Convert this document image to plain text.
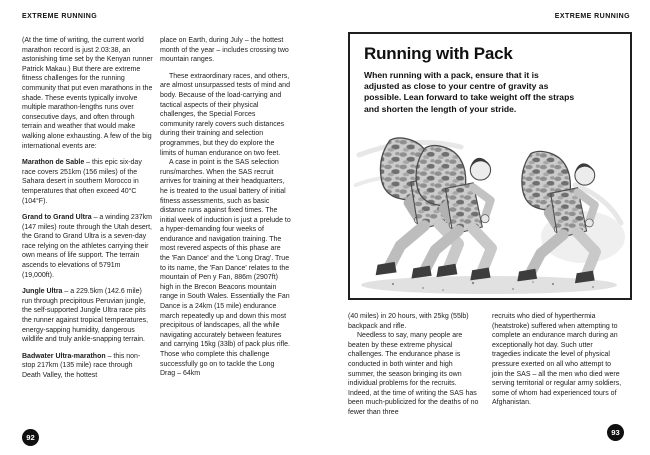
EXTREME RUNNING	EXTREME RUNNING

(At the time of writing, the current world marathon record is just 2.03:38, an astonishing time set by the Kenyan runner Patrick Makau.) But there are extreme fitness challenges for the running community that put even marathons in the shade. These events typically involve multiple marathon-lengths runs over consecutive days, and often through terrain and weather that would make walking alone exhausting. A few of the big international events are:

Marathon de Sable – this epic six-day race covers 251km (156 miles) of the Sahara desert in southern Morocco in temperatures that often exceed 40°C (104°F).

Grand to Grand Ultra – a winding 237km (147 miles) route through the Utah desert, the Grand to Grand Ultra is a seven-day race relying on the athletes carrying their own means of life support. The terrain ascends to elevations of 5791m (19,000ft).

Jungle Ultra – a 229.5km (142.6 mile) run through precipitous Peruvian jungle, the self-supported Jungle Ultra race pits the runner against tropical temperatures, energy-sapping humidity, dangerous wildlife and truly ankle-snapping terrain.

Badwater Ultra-marathon – this non-stop 217km (135 mile) race through Death Valley, the hottest

place on Earth, during July – the hottest month of the year – includes crossing two mountain ranges.

These extraordinary races, and others, are almost unsurpassed tests of mind and body. Because of the load-carrying and tactical aspects of their physical challenges, the Special Forces community rarely covers such distances during their training and selection programmes, but they do explore the limits of human endurance on two feet.

A case in point is the SAS selection runs/marches. When the SAS recruit arrives for training at their headquarters, he is treated to the usual battery of initial fitness assessments, such as basic distance runs against fixed times. The initial week of induction is just a prelude to a hyper-demanding four weeks of endurance and navigation training. The most revered aspects of this phase are the 'Fan Dance' and the 'Long Drag'. True to its name, the 'Fan Dance' relates to the mountain of Pen y Fan, 886m (2907ft) high in the Brecon Beacons mountain range in South Wales. Essentially the Fan Dance is a 24km (15 mile) endurance march repeatedly up and down this most precipitous of landscapes, all the while navigating accurately between features and carrying 15kg (33lb) of pack plus rifle. Those who complete this challenge successfully go on to tackle the Long Drag – 64km

Running with Pack
When running with a pack, ensure that it is adjusted as close to your centre of gravity as possible. Lean forward to take weight off the straps and shorten the length of your stride.

(40 miles) in 20 hours, with 25kg (55lb) backpack and rifle.

Needless to say, many people are beaten by these extreme physical challenges. The endurance phase is conducted in both winter and high summer, the season bringing its own individual problems for the recruits. Indeed, at the time of writing the SAS has been much-publicized for the deaths of no fewer than three

recruits who died of hyperthermia (heatstroke) suffered when attempting to complete an endurance march during an exceptionally hot day. Such utter tragedies indicate the level of physical pressure exerted on all who attempt to join the SAS – all the men who died were serving territorial or regular army soldiers, some of whom had experienced tours of Afghanistan.

92
93
